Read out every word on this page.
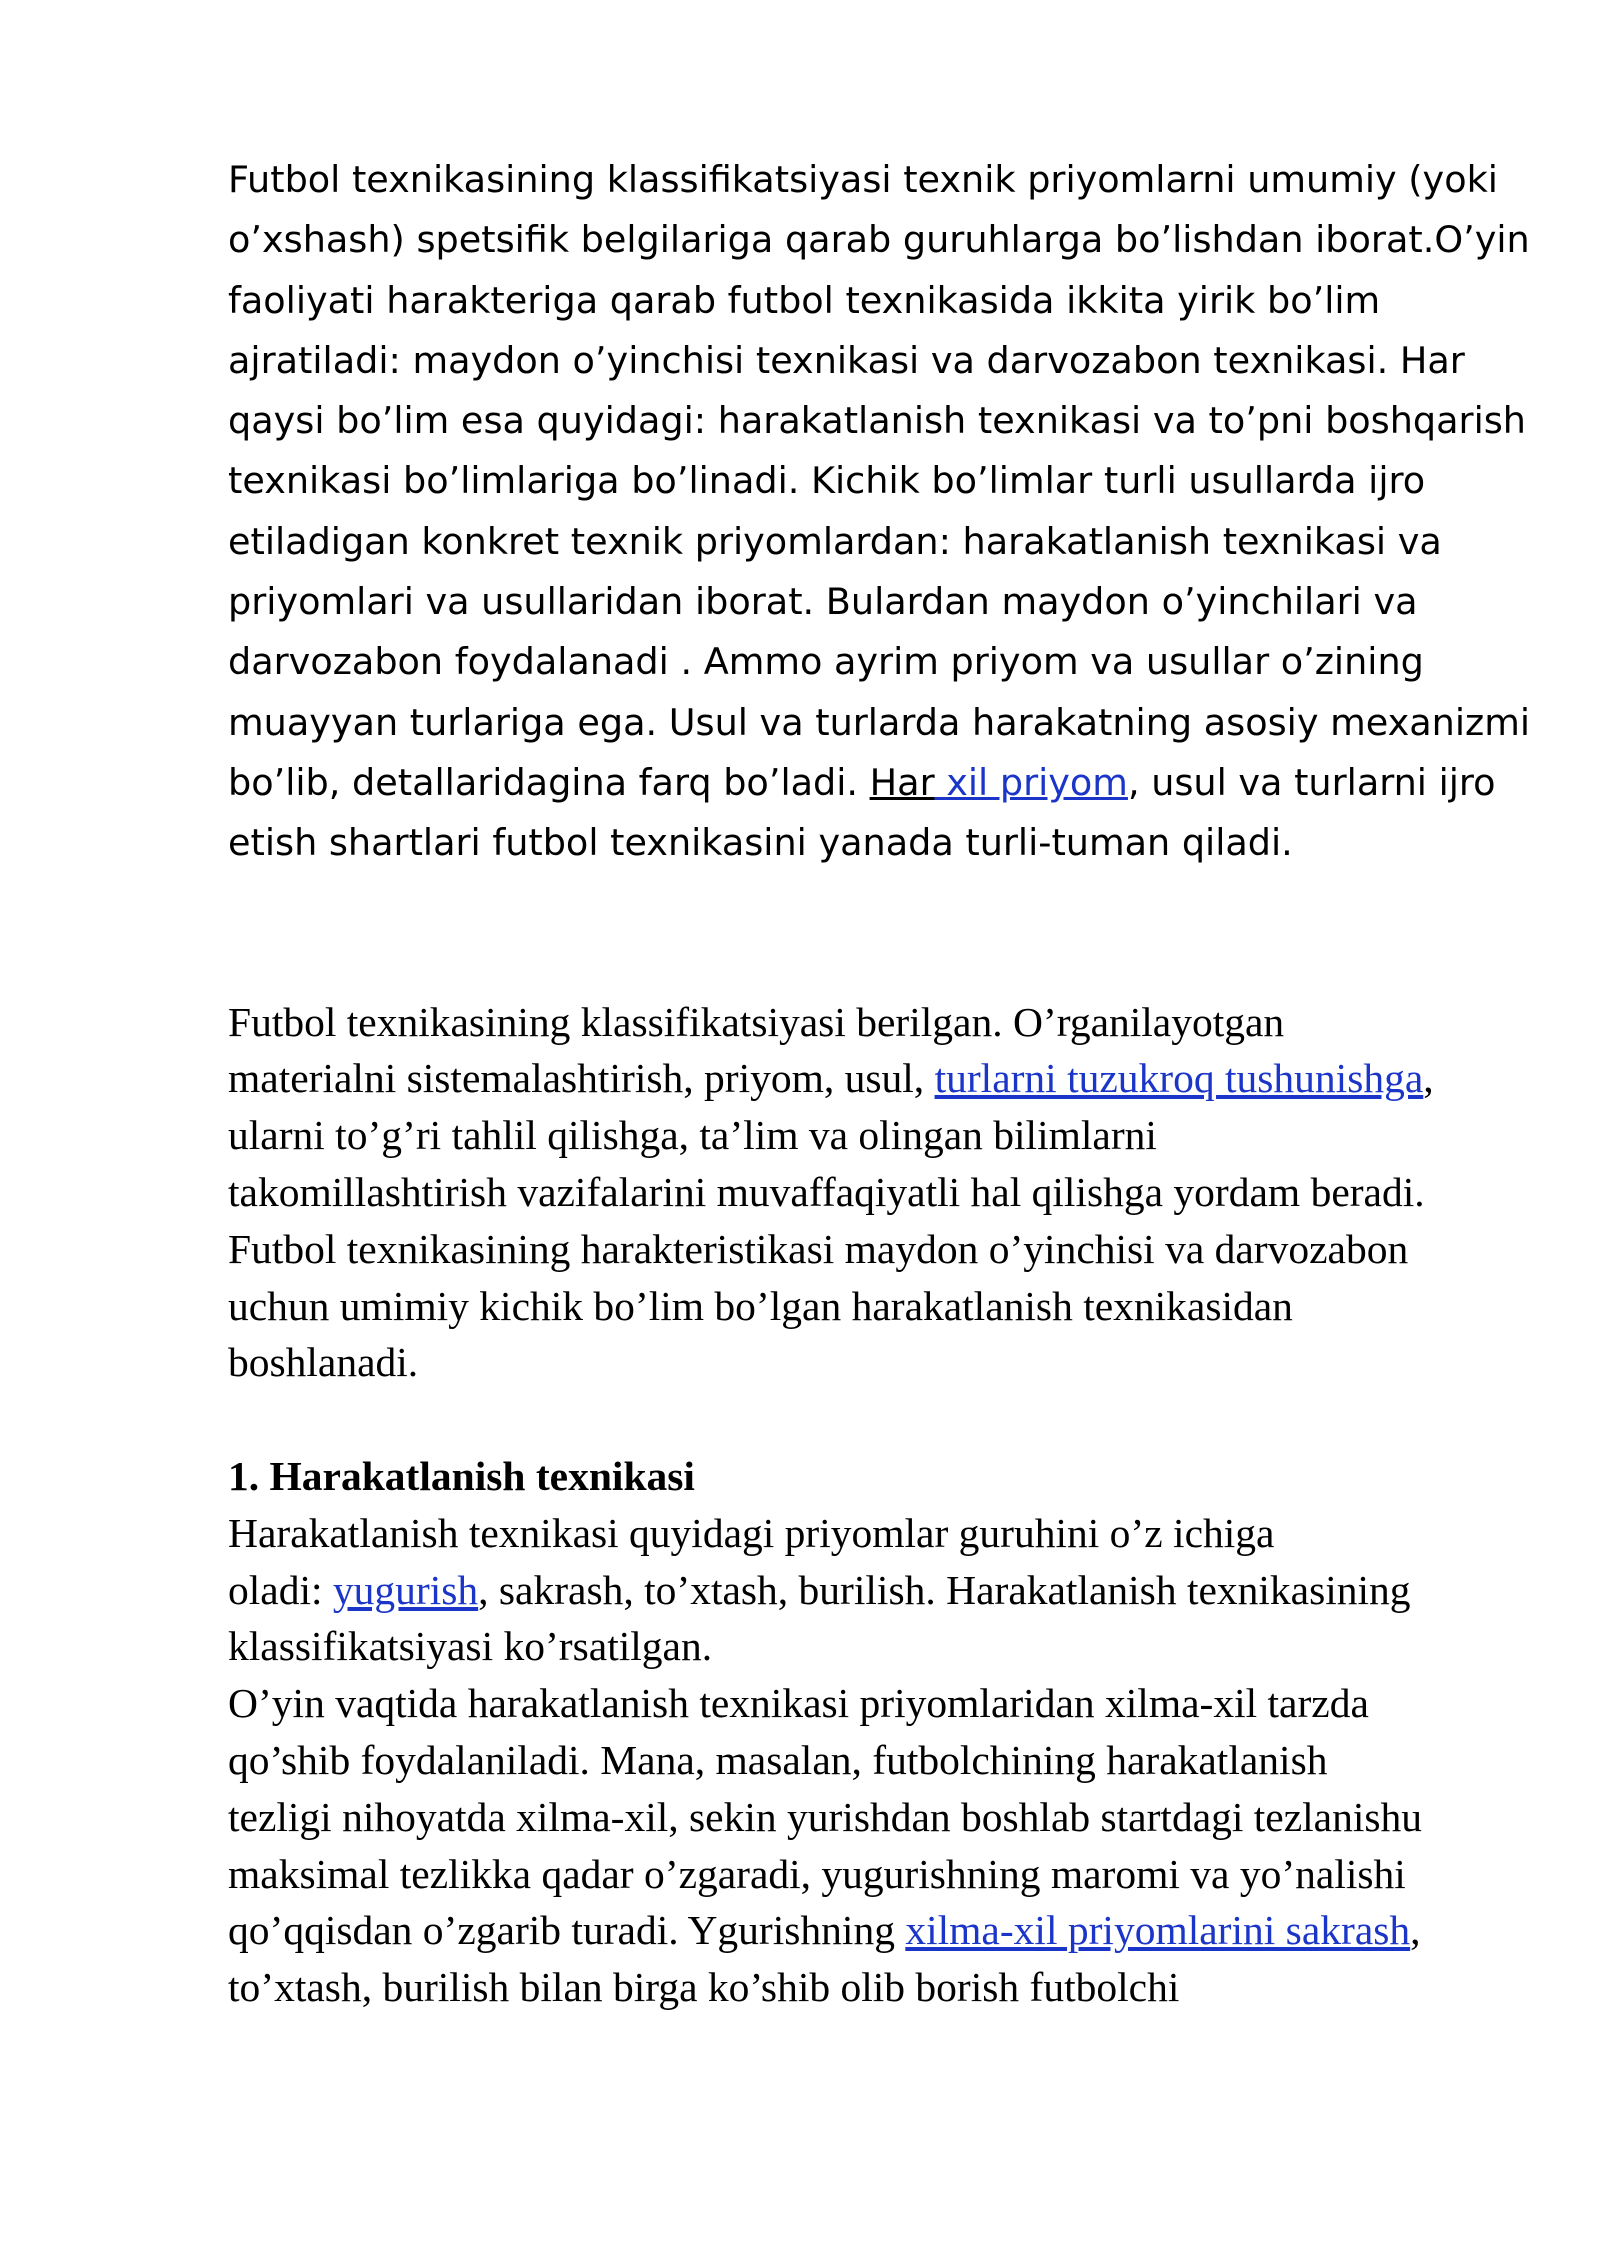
Futbol texnikasining klassifikatsiyasi texnik priyomlarni umumiy (yoki
o’xshash) spetsifik belgilariga qarab guruhlarga bo’lishdan iborat.O’yin
faoliyati harakteriga qarab futbol texnikasida ikkita yirik bo’lim
ajratiladi: maydon o’yinchisi texnikasi va darvozabon texnikasi. Har
qaysi bo’lim esa quyidagi: harakatlanish texnikasi va to’pni boshqarish
texnikasi bo’limlariga bo’linadi. Kichik bo’limlar turli usullarda ijro
etiladigan konkret texnik priyomlardan: harakatlanish texnikasi va
priyomlari va usullaridan iborat. Bulardan maydon o’yinchilari va
darvozabon foydalanadi . Ammo ayrim priyom va usullar o’zining
muayyan turlariga ega. Usul va turlarda harakatning asosiy mexanizmi
bo’lib, detallaridagina farq bo’ladi. Har xil priyom, usul va turlarni ijro
etish shartlari futbol texnikasini yanada turli-tuman qiladi.

Futbol texnikasining klassifikatsiyasi berilgan. O’rganilayotgan
materialni sistemalashtirish, priyom, usul, turlarni tuzukroq tushunishga,
ularni to’g’ri tahlil qilishga, ta’lim va olingan bilimlarni
takomillashtirish vazifalarini muvaffaqiyatli hal qilishga yordam beradi.
Futbol texnikasining harakteristikasi maydon o’yinchisi va darvozabon
uchun umimiy kichik bo’lim bo’lgan harakatlanish texnikasidan
boshlanadi.

1. Harakatlanish texnikasi

Harakatlanish texnikasi quyidagi priyomlar guruhini o’z ichiga
oladi: yugurish, sakrash, to’xtash, burilish. Harakatlanish texnikasining
klassifikatsiyasi ko’rsatilgan.
O’yin vaqtida harakatlanish texnikasi priyomlaridan xilma-xil tarzda
qo’shib foydalaniladi. Mana, masalan, futbolchining harakatlanish
tezligi nihoyatda xilma-xil, sekin yurishdan boshlab startdagi tezlanishu
maksimal tezlikka qadar o’zgaradi, yugurishning maromi va yo’nalishi
qo’qqisdan o’zgarib turadi. Ygurishning xilma-xil priyomlarini sakrash,
to’xtash, burilish bilan birga ko’shib olib borish futbolchi
